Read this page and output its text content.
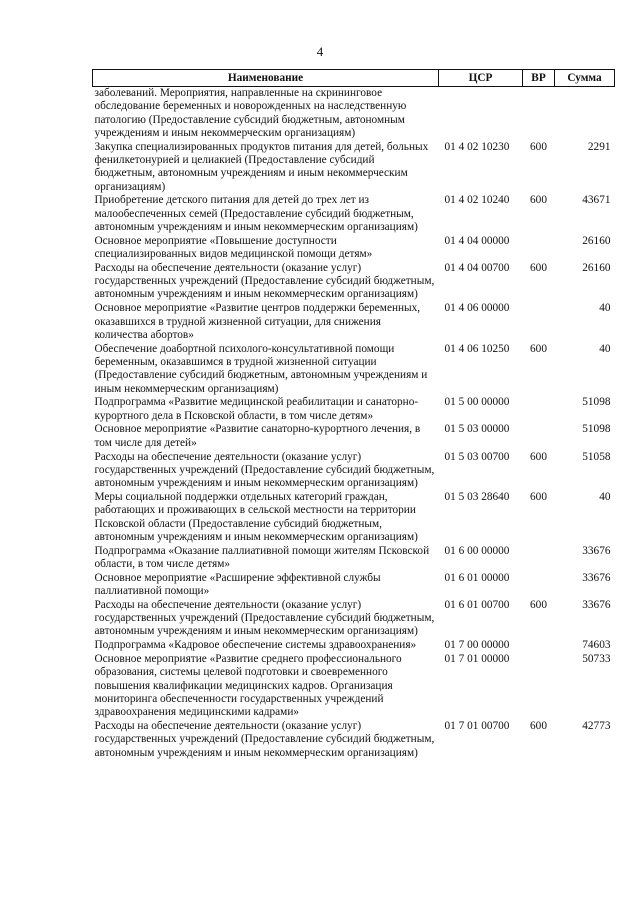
4
Наименование	ЦСР	ВР	Сумма
заболеваний. Мероприятия, направленные на скрининговое обследование беременных и новорожденных на наследственную патологию (Предоставление субсидий бюджетным, автономным учреждениям и иным некоммерческим организациям)			
Закупка специализированных продуктов питания для детей, больных фенилкетонурией и целиакией (Предоставление субсидий бюджетным, автономным учреждениям и иным некоммерческим организациям)	01 4 02 10230	600	2291
Приобретение детского питания для детей до трех лет из малообеспеченных семей (Предоставление субсидий бюджетным, автономным учреждениям и иным некоммерческим организациям)	01 4 02 10240	600	43671
Основное мероприятие «Повышение доступности специализированных видов медицинской помощи детям»	01 4 04 00000		26160
Расходы на обеспечение деятельности (оказание услуг) государственных учреждений (Предоставление субсидий бюджетным, автономным учреждениям и иным некоммерческим организациям)	01 4 04 00700	600	26160
Основное мероприятие «Развитие центров поддержки беременных, оказавшихся в трудной жизненной ситуации, для снижения количества абортов»	01 4 06 00000		40
Обеспечение доабортной психолого-консультативной помощи беременным, оказавшимся в трудной жизненной ситуации (Предоставление субсидий бюджетным, автономным учреждениям и иным некоммерческим организациям)	01 4 06 10250	600	40
Подпрограмма «Развитие медицинской реабилитации и санаторно-курортного дела в Псковской области, в том числе детям»	01 5 00 00000		51098
Основное мероприятие «Развитие санаторно-курортного лечения, в том числе для детей»	01 5 03 00000		51098
Расходы на обеспечение деятельности (оказание услуг) государственных учреждений (Предоставление субсидий бюджетным, автономным учреждениям и иным некоммерческим организациям)	01 5 03 00700	600	51058
Меры социальной поддержки отдельных категорий граждан, работающих и проживающих в сельской местности на территории Псковской области (Предоставление субсидий бюджетным, автономным учреждениям и иным некоммерческим организациям)	01 5 03 28640	600	40
Подпрограмма «Оказание паллиативной помощи жителям Псковской области, в том числе детям»	01 6 00 00000		33676
Основное мероприятие «Расширение эффективной службы паллиативной помощи»	01 6 01 00000		33676
Расходы на обеспечение деятельности (оказание услуг) государственных учреждений (Предоставление субсидий бюджетным, автономным учреждениям и иным некоммерческим организациям)	01 6 01 00700	600	33676
Подпрограмма «Кадровое обеспечение системы здравоохранения»	01 7 00 00000		74603
Основное мероприятие «Развитие среднего профессионального образования, системы целевой подготовки и своевременного повышения квалификации медицинских кадров. Организация мониторинга обеспеченности государственных учреждений здравоохранения медицинскими кадрами»	01 7 01 00000		50733
Расходы на обеспечение деятельности (оказание услуг) государственных учреждений (Предоставление субсидий бюджетным, автономным учреждениям и иным некоммерческим организациям)	01 7 01 00700	600	42773
